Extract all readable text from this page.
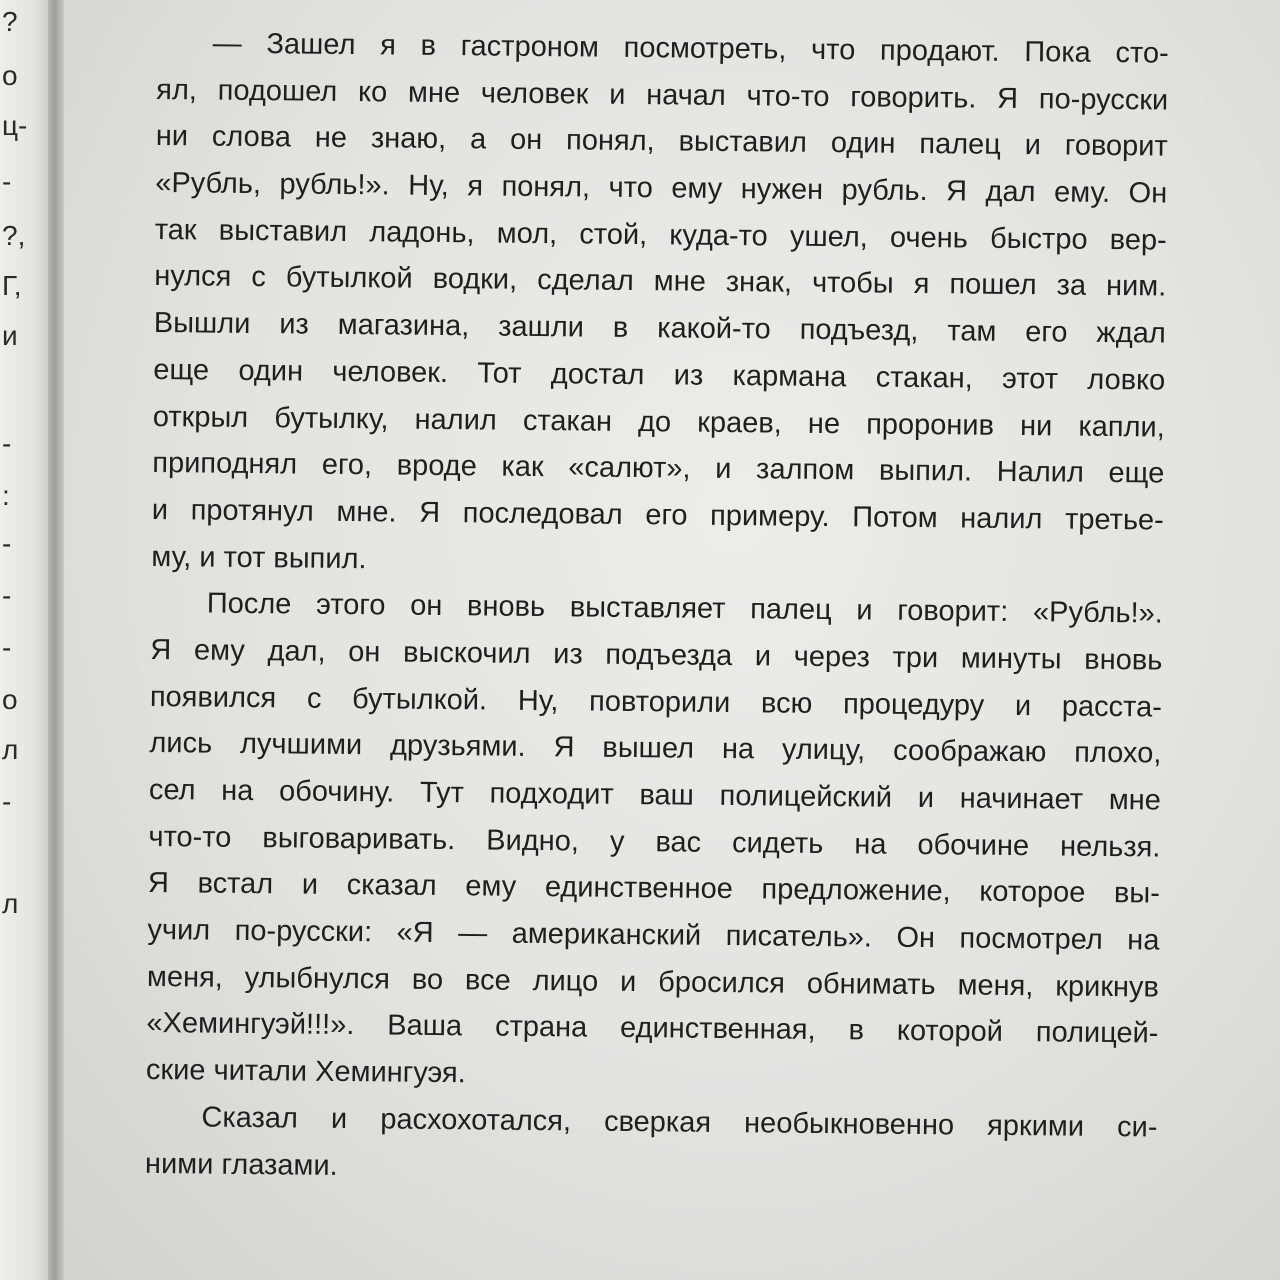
?
o
ц-
-
?,
Г,
и
-
:
-
-
-
o
л
-
л
— Зашел я в гастроном посмотреть, что продают. Пока сто-
ял, подошел ко мне человек и начал что-то говорить. Я по-русски
ни слова не знаю, а он понял, выставил один палец и говорит
«Рубль, рубль!». Ну, я понял, что ему нужен рубль. Я дал ему. Он
так выставил ладонь, мол, стой, куда-то ушел, очень быстро вер-
нулся с бутылкой водки, сделал мне знак, чтобы я пошел за ним.
Вышли из магазина, зашли в какой-то подъезд, там его ждал
еще один человек. Тот достал из кармана стакан, этот ловко
открыл бутылку, налил стакан до краев, не проронив ни капли,
приподнял его, вроде как «салют», и залпом выпил. Налил еще
и протянул мне. Я последовал его примеру. Потом налил третье-
му, и тот выпил.
После этого он вновь выставляет палец и говорит: «Рубль!».
Я ему дал, он выскочил из подъезда и через три минуты вновь
появился с бутылкой. Ну, повторили всю процедуру и расста-
лись лучшими друзьями. Я вышел на улицу, соображаю плохо,
сел на обочину. Тут подходит ваш полицейский и начинает мне
что-то выговаривать. Видно, у вас сидеть на обочине нельзя.
Я встал и сказал ему единственное предложение, которое вы-
учил по-русски: «Я — американский писатель». Он посмотрел на
меня, улыбнулся во все лицо и бросился обнимать меня, крикнув
«Хемингуэй!!!». Ваша страна единственная, в которой полицей-
ские читали Хемингуэя.
Сказал и расхохотался, сверкая необыкновенно яркими си-
ними глазами.
